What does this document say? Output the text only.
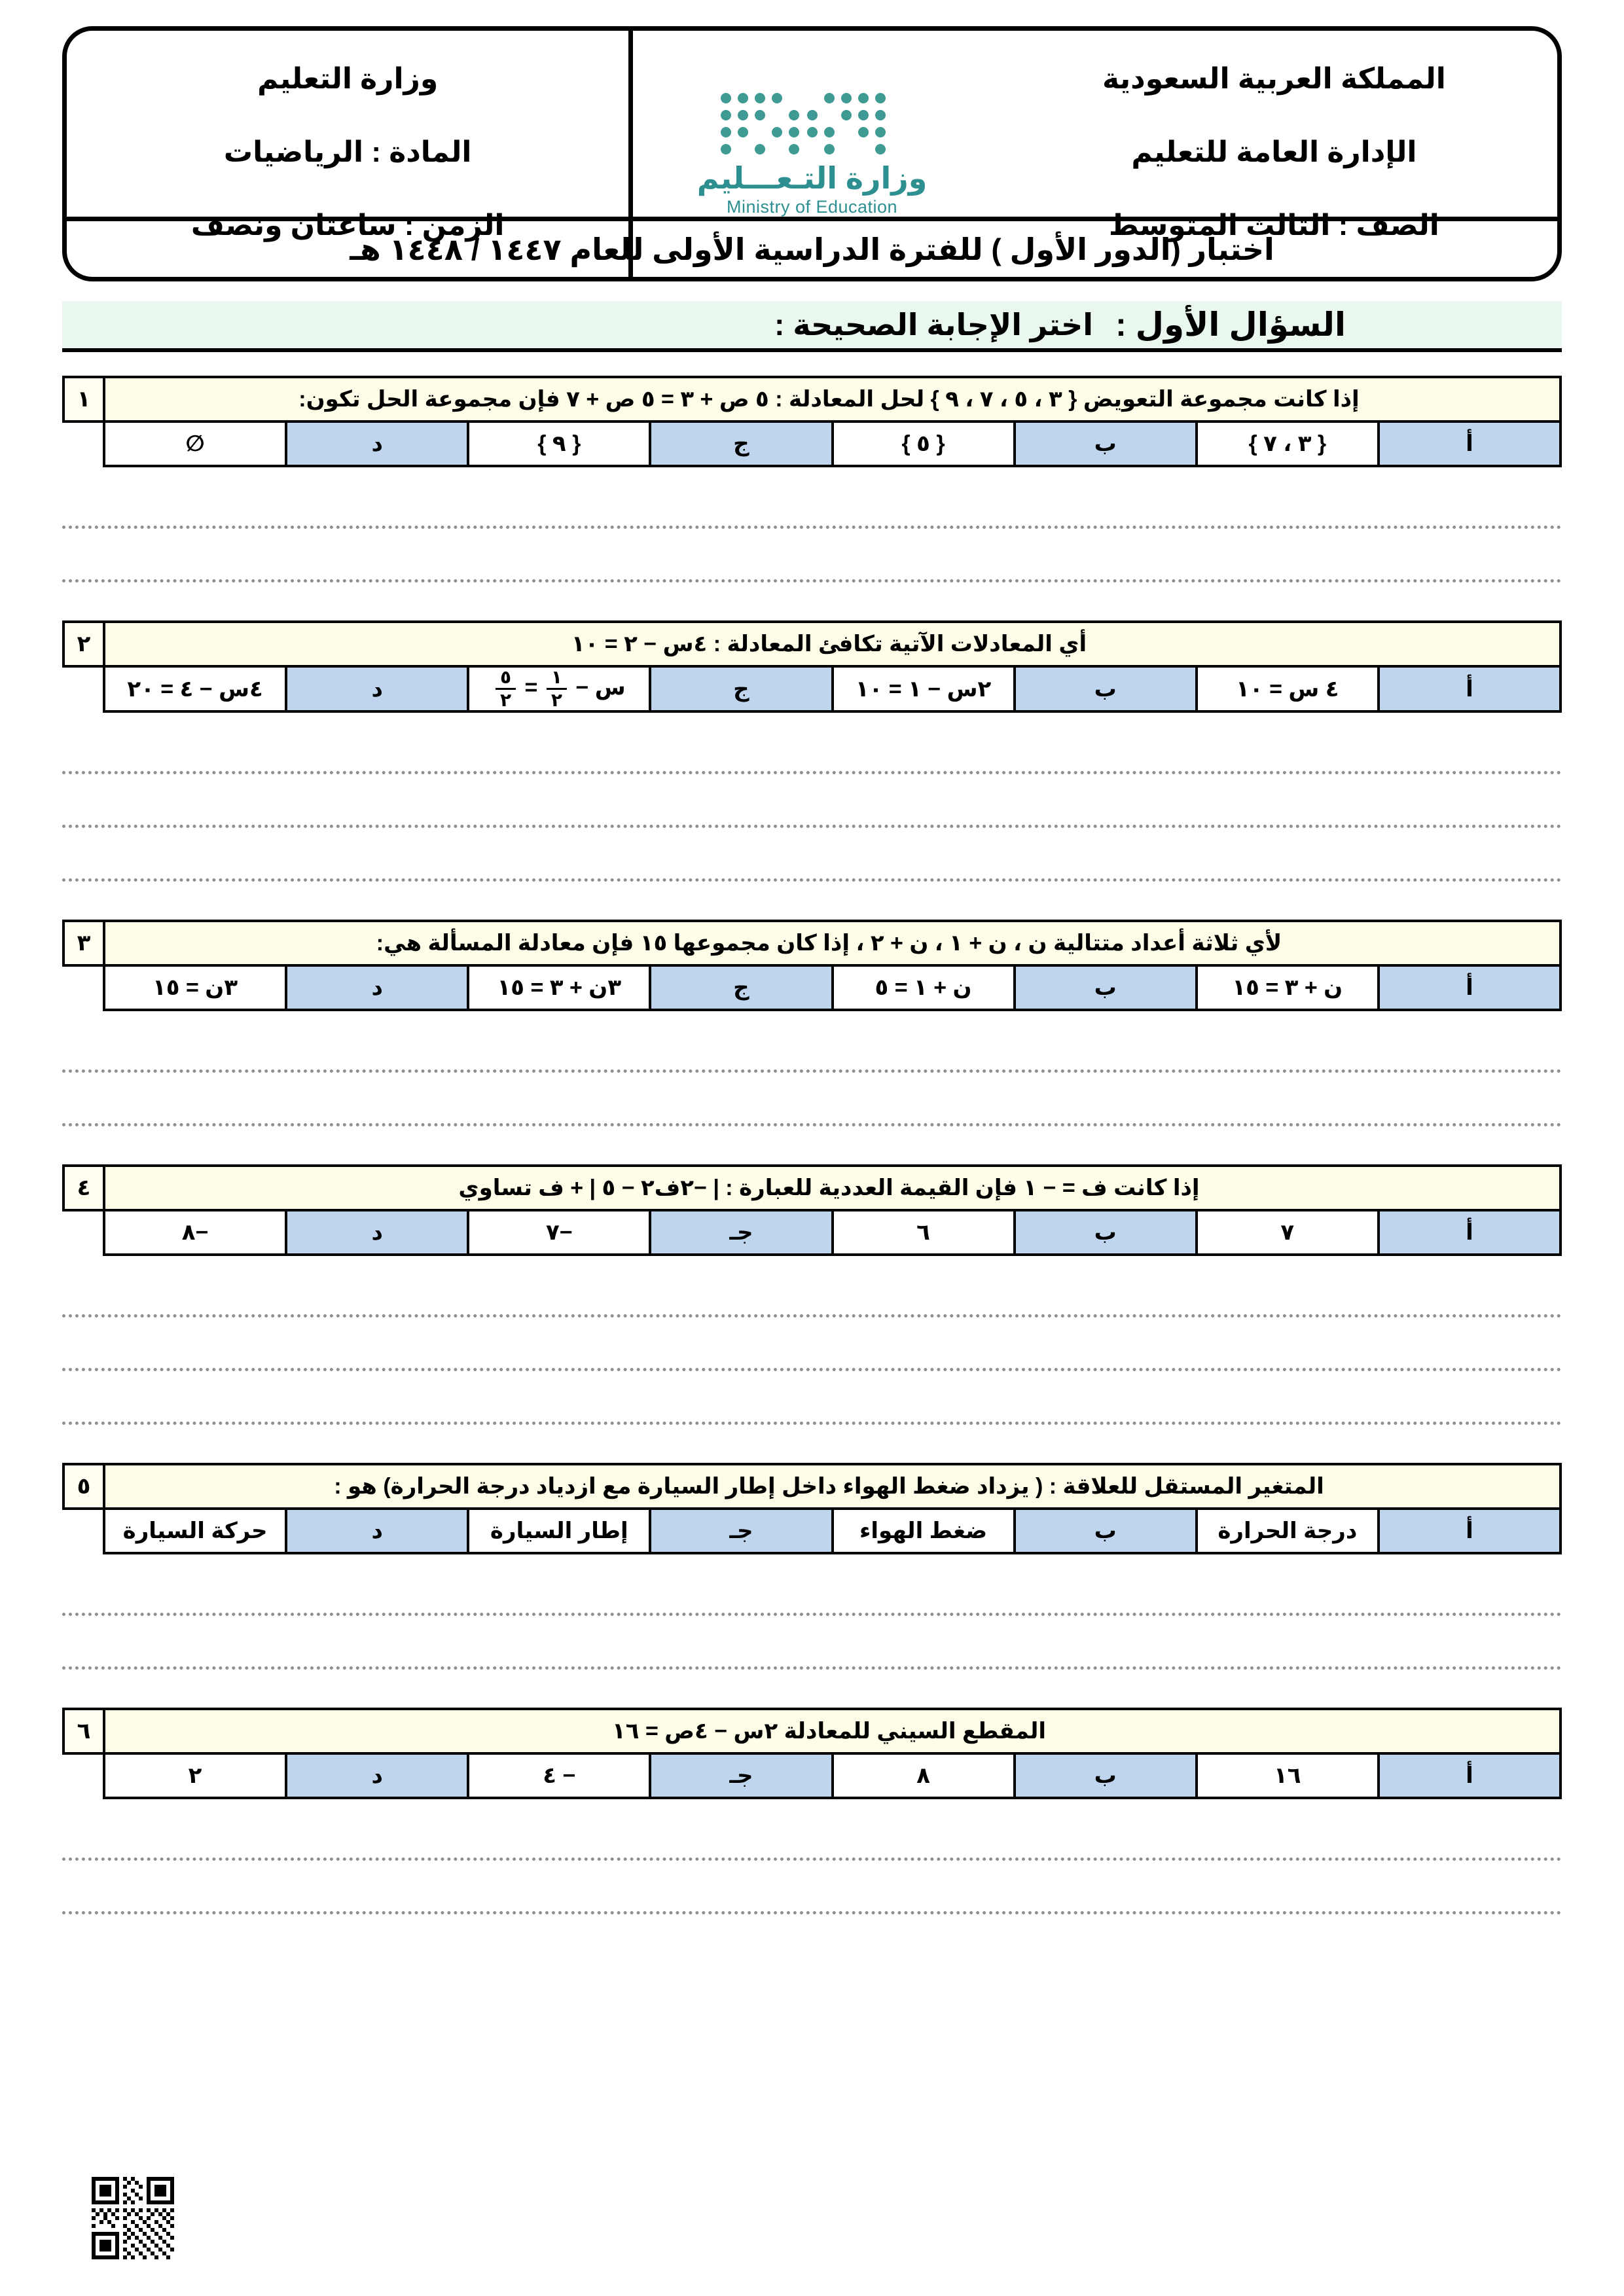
المملكة العربية السعودية
الإدارة العامة للتعليم
الصف : الثالث المتوسط
وزارة التـعـــليم
Ministry of Education
وزارة التعليم
المادة : الرياضيات
الزمن : ساعتان ونصف
اختبار (الدور الأول ) للفترة الدراسية الأولى للعام ١٤٤٧ / ١٤٤٨ هـ
السؤال الأول :
اختر الإجابة الصحيحة :
إذا كانت مجموعة التعويض { ٣ ، ٥ ، ٧ ، ٩ } لحل المعادلة : ٥ ص + ٣ = ٥ ص + ٧ فإن مجموعة الحل تكون:								١
أ	{ ٣ ، ٧ }	ب	{ ٥ }	ج	{ ٩ }	د	∅	
أي المعادلات الآتية تكافئ المعادلة : ٤س − ٢ = ١٠								٢
أ	٤ س = ١٠	ب	٢س − ١ = ١٠	ج	س −
$\frac{١}{٢}$
=
$\frac{٥}{٢}$
	د	٤س − ٤ = ٢٠	
لأي ثلاثة أعداد متتالية ن ، ن + ١ ، ن + ٢ ، إذا كان مجموعها ١٥ فإن معادلة المسألة هي:								٣
أ	ن + ٣ = ١٥	ب	ن + ١ = ٥	ج	٣ن + ٣ = ١٥	د	٣ن = ١٥	
إذا كانت ف = − ١ فإن القيمة العددية للعبارة : | −٢ف٢ − ٥ | + ف تساوي								٤
أ	٧	ب	٦	جـ	−٧	د	−٨	
المتغير المستقل للعلاقة : ( يزداد ضغط الهواء داخل إطار السيارة مع ازدياد درجة الحرارة) هو :								٥
أ	درجة الحرارة	ب	ضغط الهواء	جـ	إطار السيارة	د	حركة السيارة	
المقطع السيني للمعادلة ٢س − ٤ص = ١٦								٦
أ	١٦	ب	٨	جـ	− ٤	د	٢	
